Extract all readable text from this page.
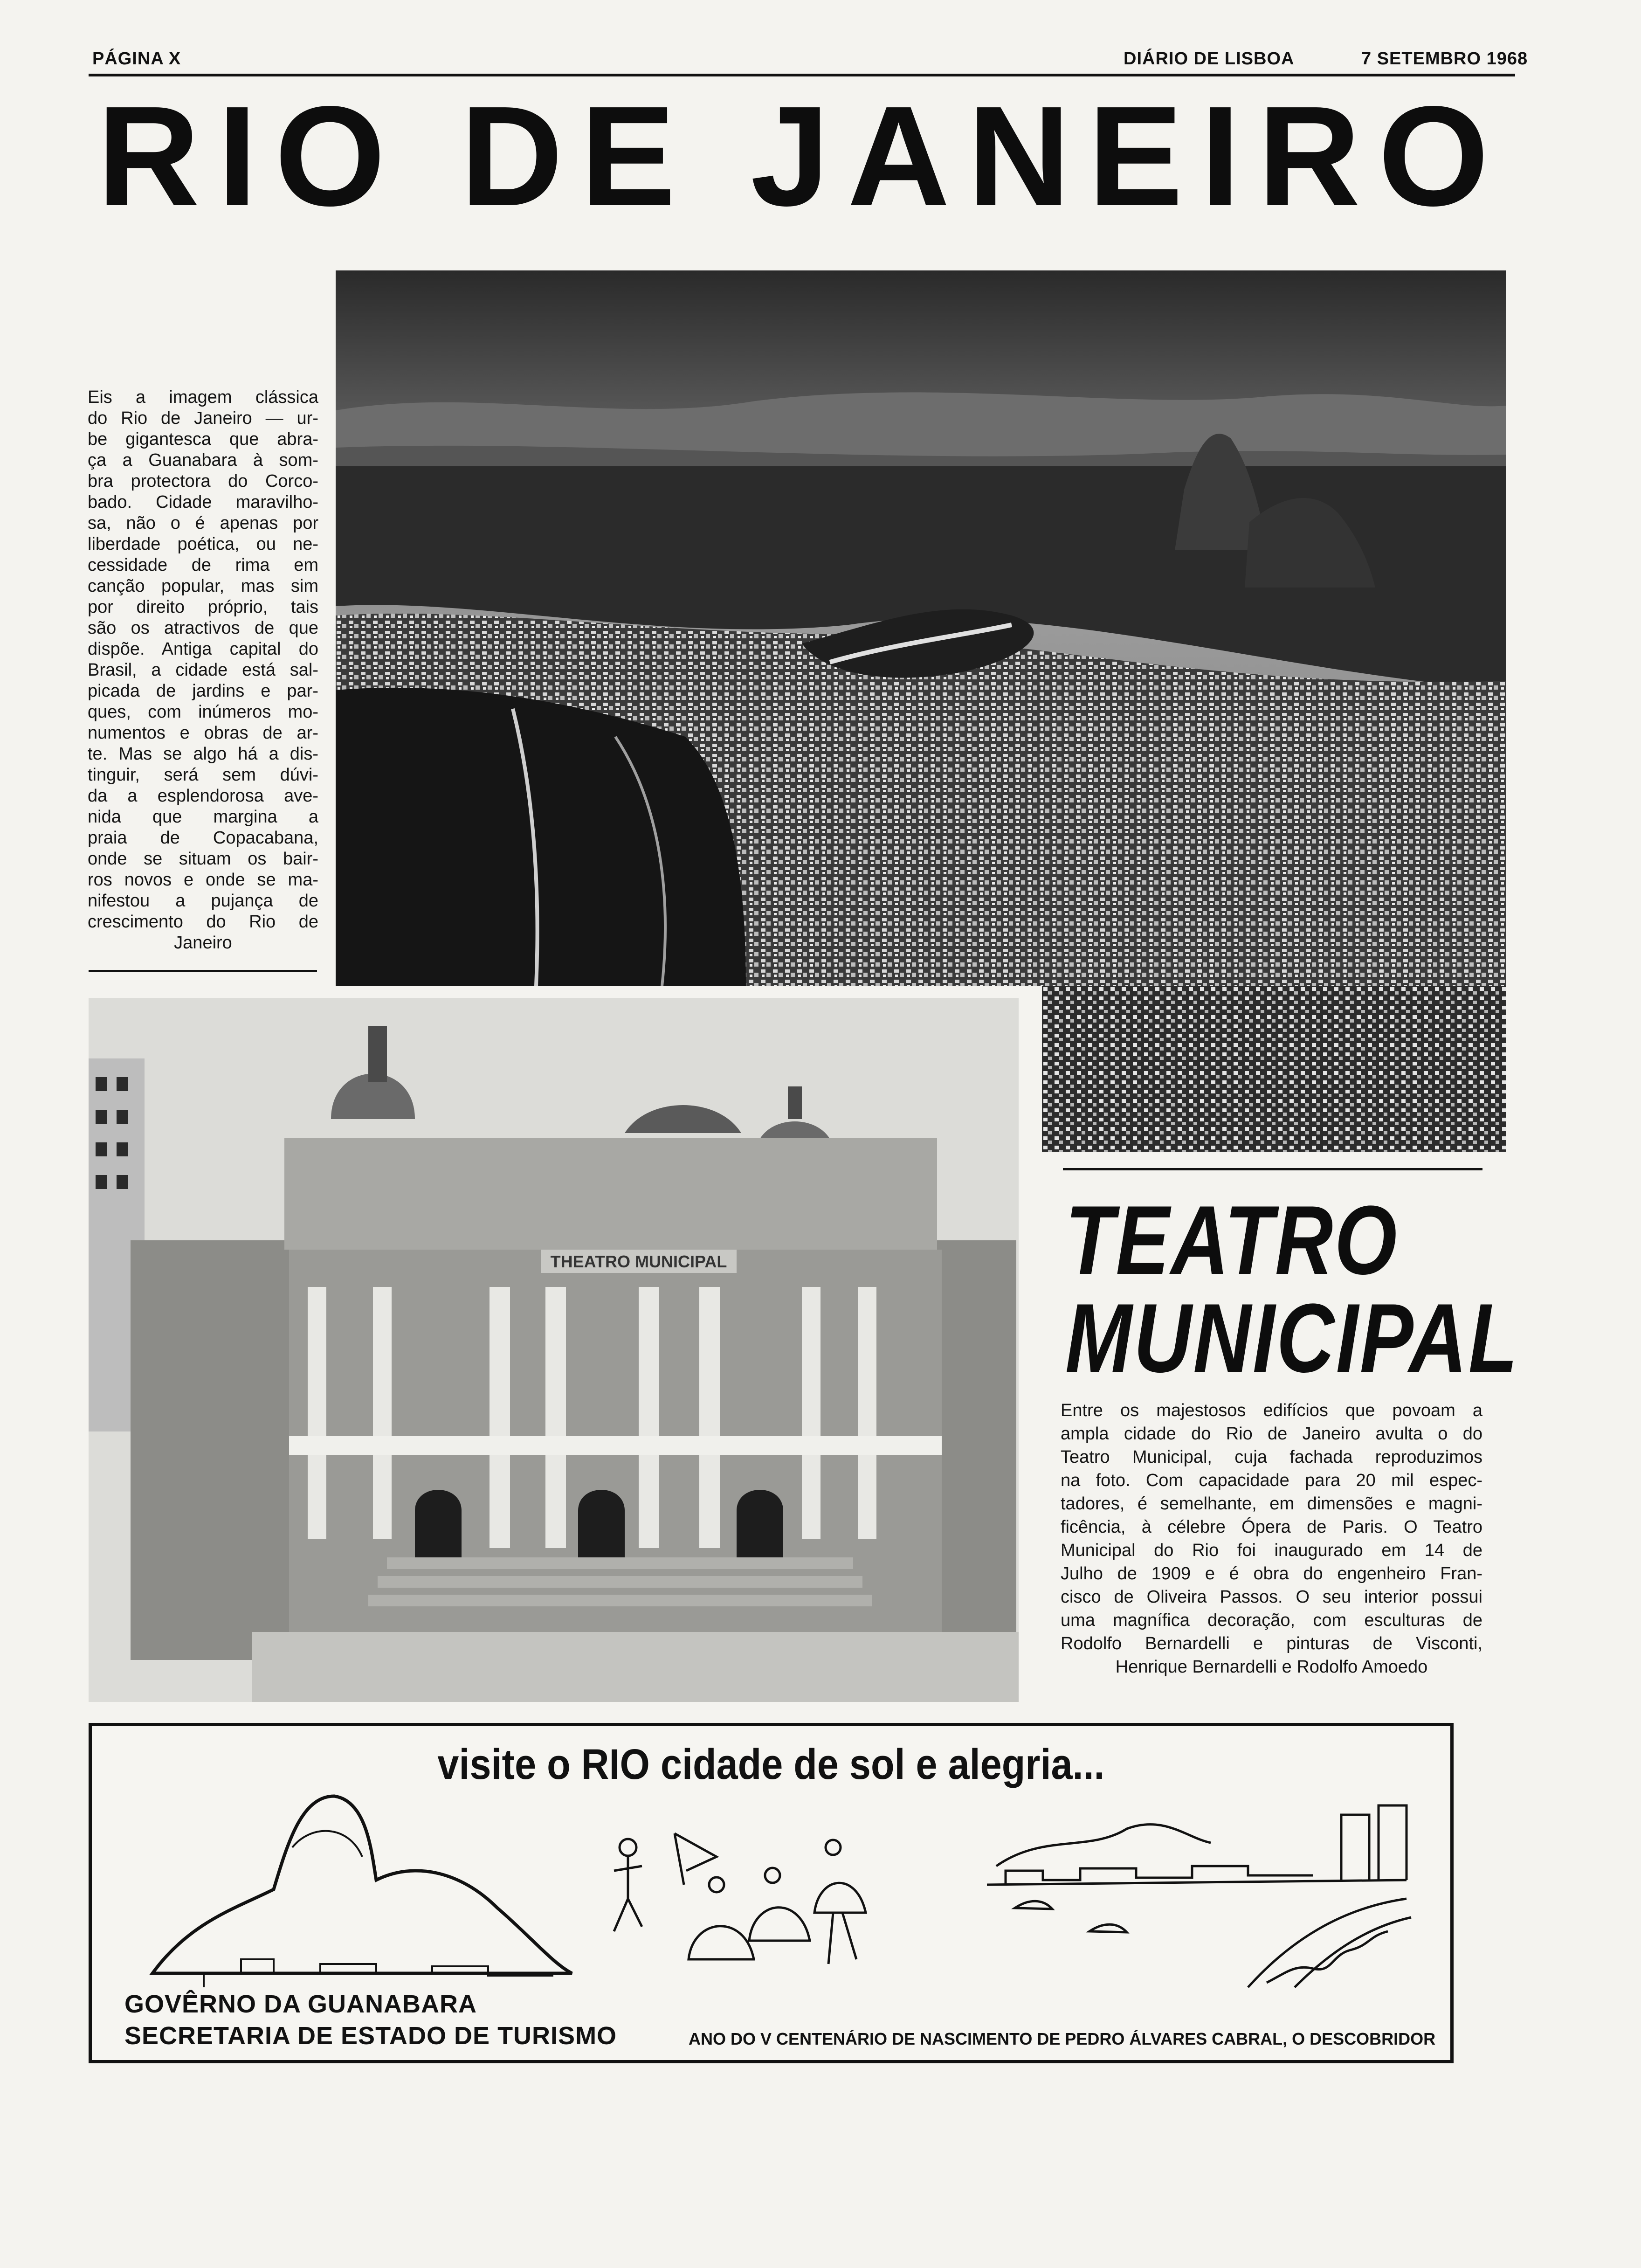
PÁGINA X	DIÁRIO DE LISBOA	7 SETEMBRO 1968
RIO DE JANEIRO
Eis a imagem clássica
do Rio de Janeiro — ur-
be gigantesca que abra-
ça a Guanabara à som-
bra protectora do Corco-
bado. Cidade maravilho-
sa, não o é apenas por
liberdade poética, ou ne-
cessidade de rima em
canção popular, mas sim
por direito próprio, tais
são os atractivos de que
dispõe. Antiga capital do
Brasil, a cidade está sal-
picada de jardins e par-
ques, com inúmeros mo-
numentos e obras de ar-
te. Mas se algo há a dis-
tinguir, será sem dúvi-
da a esplendorosa ave-
nida que margina a
praia de Copacabana,
onde se situam os bair-
ros novos e onde se ma-
nifestou a pujança de
crescimento do Rio de
Janeiro
THEATRO MUNICIPAL	TEATRO
MUNICIPAL
Entre os majestosos edifícios que povoam a
ampla cidade do Rio de Janeiro avulta o do
Teatro Municipal, cuja fachada reproduzimos
na foto. Com capacidade para 20 mil espec-
tadores, é semelhante, em dimensões e magni-
ficência, à célebre Ópera de Paris. O Teatro
Municipal do Rio foi inaugurado em 14 de
Julho de 1909 e é obra do engenheiro Fran-
cisco de Oliveira Passos. O seu interior possui
uma magnífica decoração, com esculturas de
Rodolfo Bernardelli e pinturas de Visconti,
Henrique Bernardelli e Rodolfo Amoedo
visite o RIO cidade de sol e alegria...
GOVÊRNO DA GUANABARA
SECRETARIA DE ESTADO DE TURISMO	ANO DO V CENTENÁRIO DE NASCIMENTO DE PEDRO ÁLVARES CABRAL, O DESCOBRIDOR
